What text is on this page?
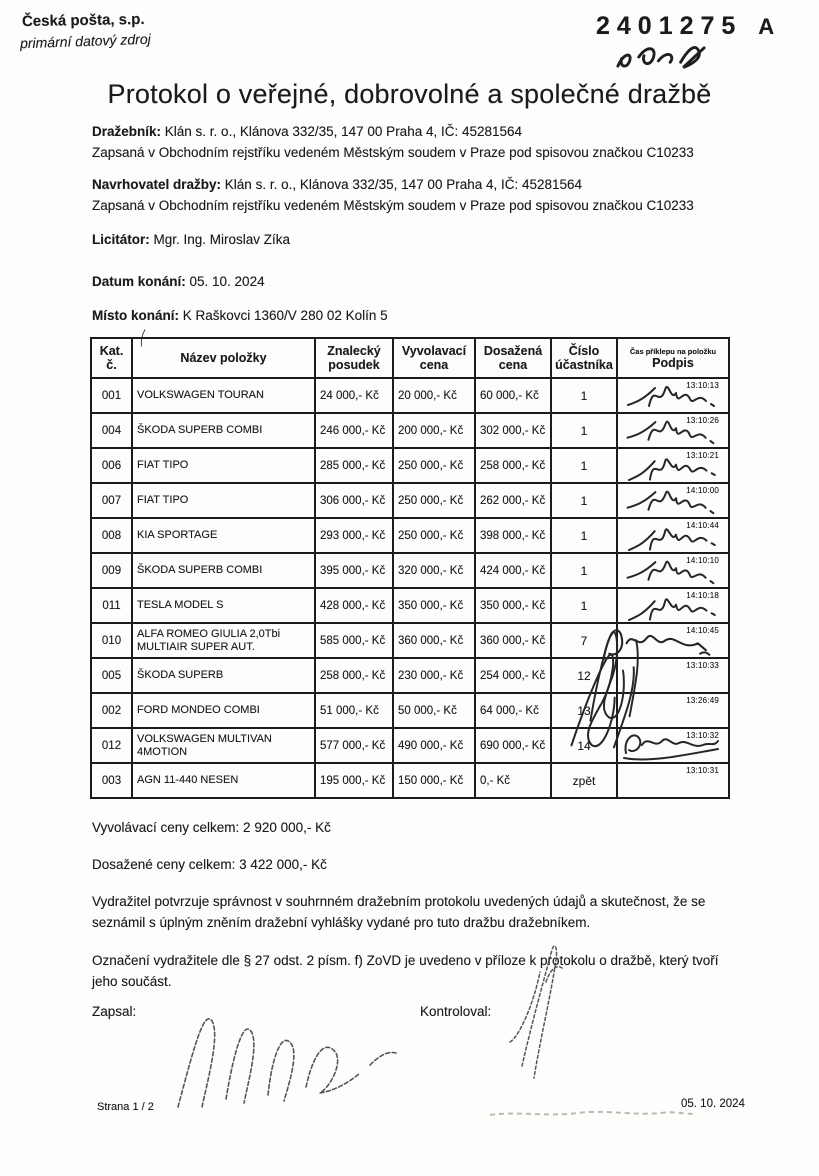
Česká pošta, s.p.
primární datový zdroj
2401275 A
Protokol o veřejné, dobrovolné a společné dražbě
Dražebník: Klán s. r. o., Klánova 332/35, 147 00 Praha 4, IČ: 45281564
Zapsaná v Obchodním rejstříku vedeném Městským soudem v Praze pod spisovou značkou C10233
Navrhovatel dražby: Klán s. r. o., Klánova 332/35, 147 00 Praha 4, IČ: 45281564
Zapsaná v Obchodním rejstříku vedeném Městským soudem v Praze pod spisovou značkou C10233
Licitátor: Mgr. Ing. Miroslav Zíka
Datum konání: 05. 10. 2024
Místo konání: K Raškovci 1360/V 280 02 Kolín 5
Kat. č.	Název položky	Znalecký posudek	Vyvolavací cena	Dosažená cena	Číslo účastníka	Čas příklepu na položku
Podpis

001	VOLKSWAGEN TOURAN	24 000,- Kč	20 000,- Kč	60 000,- Kč	1	13:10:13

004	ŠKODA SUPERB COMBI	246 000,- Kč	200 000,- Kč	302 000,- Kč	1	13:10:26

006	FIAT TIPO	285 000,- Kč	250 000,- Kč	258 000,- Kč	1	13:10:21

007	FIAT TIPO	306 000,- Kč	250 000,- Kč	262 000,- Kč	1	14:10:00

008	KIA SPORTAGE	293 000,- Kč	250 000,- Kč	398 000,- Kč	1	14:10:44

009	ŠKODA SUPERB COMBI	395 000,- Kč	320 000,- Kč	424 000,- Kč	1	14:10:10

011	TESLA MODEL S	428 000,- Kč	350 000,- Kč	350 000,- Kč	1	14:10:18

010	ALFA ROMEO GIULIA 2,0Tbi MULTIAIR SUPER AUT.	585 000,- Kč	360 000,- Kč	360 000,- Kč	7	14:10:45

005	ŠKODA SUPERB	258 000,- Kč	230 000,- Kč	254 000,- Kč	12	13:10:33

002	FORD MONDEO COMBI	51 000,- Kč	50 000,- Kč	64 000,- Kč	13	13:26:49

012	VOLKSWAGEN MULTIVAN 4MOTION	577 000,- Kč	490 000,- Kč	690 000,- Kč	14	13:10:32

003	AGN 11-440 NESEN	195 000,- Kč	150 000,- Kč	0,- Kč	zpět	13:10:31
Vyvolávací ceny celkem: 2 920 000,- Kč
Dosažené ceny celkem: 3 422 000,- Kč
Vydražitel potvrzuje správnost v souhrnném dražebním protokolu uvedených údajů a skutečnost, že se seznámil s úplným zněním dražební vyhlášky vydané pro tuto dražbu dražebníkem.
Označení vydražitele dle § 27 odst. 2 písm. f) ZoVD je uvedeno v příloze k protokolu o dražbě, který tvoří jeho součást.
Zapsal:	Kontroloval:
Strana 1 / 2	05. 10. 2024
